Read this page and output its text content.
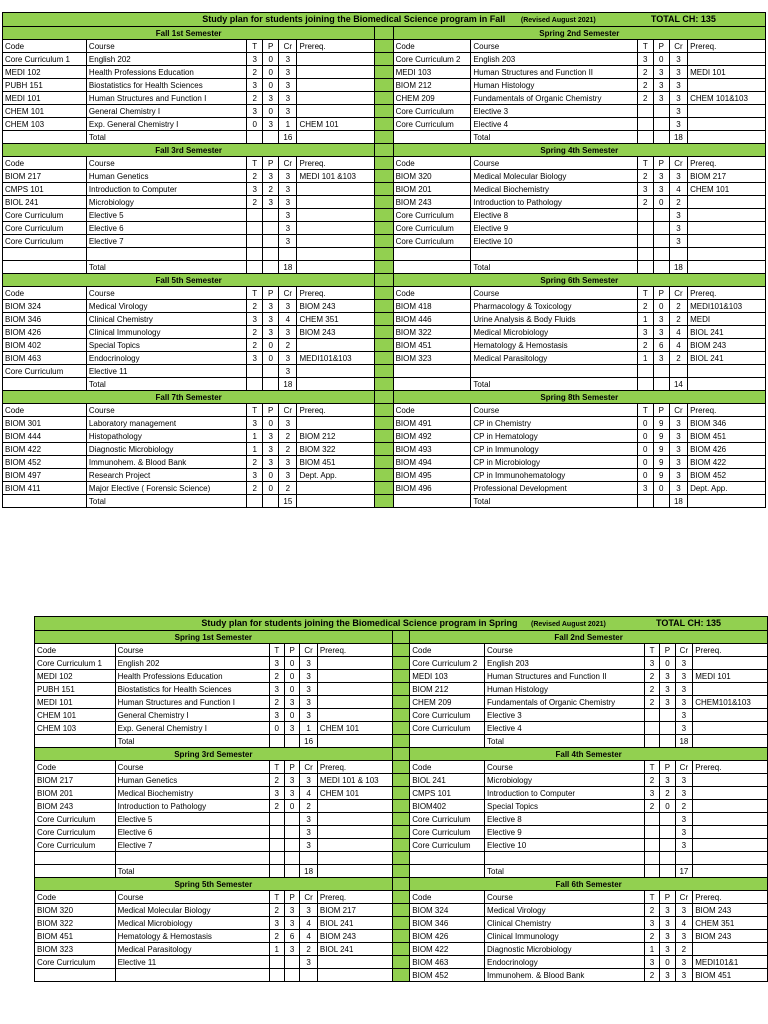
Study plan for students joining the Biomedical Science program in Fall (Revised August 2021) TOTAL CH: 135												
Fall 1st Semester							Spring 2nd Semester					
Code	Course	T	P	Cr	Prereq.		Code	Course	T	P	Cr	Prereq.
Core Curriculum 1	English 202	3	0	3			Core Curriculum 2	English 203	3	0	3	
MEDI 102	Health Professions Education	2	0	3			MEDI 103	Human Structures and Function II	2	3	3	MEDI 101
PUBH 151	Biostatistics for Health Sciences	3	0	3			BIOM 212	Human Histology	2	3	3	
MEDI 101	Human Structures and Function I	2	3	3			CHEM 209	Fundamentals of Organic Chemistry	2	3	3	CHEM 101&103
CHEM 101	General Chemistry I	3	0	3			Core Curriculum	Elective 3			3	
CHEM 103	Exp. General Chemistry I	0	3	1	CHEM 101		Core Curriculum	Elective 4			3	
	Total			16				Total			18	
Fall 3rd Semester							Spring 4th Semester					
Code	Course	T	P	Cr	Prereq.		Code	Course	T	P	Cr	Prereq.
BIOM 217	Human Genetics	2	3	3	MEDI 101 &103		BIOM 320	Medical Molecular Biology	2	3	3	BIOM 217
CMPS 101	Introduction to Computer	3	2	3			BIOM 201	Medical Biochemistry	3	3	4	CHEM 101
BIOL 241	Microbiology	2	3	3			BIOM 243	Introduction to Pathology	2	0	2	
Core Curriculum	Elective 5			3			Core Curriculum	Elective 8			3	
Core Curriculum	Elective 6			3			Core Curriculum	Elective 9			3	
Core Curriculum	Elective 7			3			Core Curriculum	Elective 10			3	

	Total			18				Total			18	
Fall 5th Semester							Spring 6th Semester					
Code	Course	T	P	Cr	Prereq.		Code	Course	T	P	Cr	Prereq.
BIOM 324	Medical Virology	2	3	3	BIOM 243		BIOM 418	Pharmacology & Toxicology	2	0	2	MEDI101&103
BIOM 346	Clinical Chemistry	3	3	4	CHEM 351		BIOM 446	Urine Analysis & Body Fluids	1	3	2	MEDI
BIOM 426	Clinical Immunology	2	3	3	BIOM 243		BIOM 322	Medical Microbiology	3	3	4	BIOL 241
BIOM 402	Special Topics	2	0	2			BIOM 451	Hematology & Hemostasis	2	6	4	BIOM 243
BIOM 463	Endocrinology	3	0	3	MEDI101&103		BIOM 323	Medical Parasitology	1	3	2	BIOL 241
Core Curriculum	Elective 11			3								
	Total			18				Total			14	
Fall 7th Semester							Spring 8th Semester					
Code	Course	T	P	Cr	Prereq.		Code	Course	T	P	Cr	Prereq.
BIOM 301	Laboratory management	3	0	3			BIOM 491	CP in Chemistry	0	9	3	BIOM 346
BIOM 444	Histopathology	1	3	2	BIOM 212		BIOM 492	CP in Hematology	0	9	3	BIOM 451
BIOM 422	Diagnostic Microbiology	1	3	2	BIOM 322		BIOM 493	CP in Immunology	0	9	3	BIOM 426
BIOM 452	Immunohem. & Blood Bank	2	3	3	BIOM 451		BIOM 494	CP in Microbiology	0	9	3	BIOM 422
BIOM 497	Research Project	3	0	3	Dept. App.		BIOM 495	CP in Immunohematology	0	9	3	BIOM 452
BIOM 411	Major Elective ( Forensic Science)	2	0	2			BIOM 496	Professional Development	3	0	3	Dept. App.
	Total			15				Total			18	
Study plan for students joining the Biomedical Science program in Spring (Revised August 2021) TOTAL CH: 135												
Spring 1st Semester							Fall 2nd Semester					
Code	Course	T	P	Cr	Prereq.		Code	Course	T	P	Cr	Prereq.
Core Curriculum 1	English 202	3	0	3			Core Curriculum 2	English 203	3	0	3	
MEDI 102	Health Professions Education	2	0	3			MEDI 103	Human Structures and Function II	2	3	3	MEDI 101
PUBH 151	Biostatistics for Health Sciences	3	0	3			BIOM 212	Human Histology	2	3	3	
MEDI 101	Human Structures and Function I	2	3	3			CHEM 209	Fundamentals of Organic Chemistry	2	3	3	CHEM101&103
CHEM 101	General Chemistry I	3	0	3			Core Curriculum	Elective 3			3	
CHEM 103	Exp. General Chemistry I	0	3	1	CHEM 101		Core Curriculum	Elective 4			3	
	Total			16				Total			18	
Spring 3rd Semester							Fall 4th Semester					
Code	Course	T	P	Cr	Prereq.		Code	Course	T	P	Cr	Prereq.
BIOM 217	Human Genetics	2	3	3	MEDI 101 & 103		BIOL 241	Microbiology	2	3	3	
BIOM 201	Medical Biochemistry	3	3	4	CHEM 101		CMPS 101	Introduction to Computer	3	2	3	
BIOM 243	Introduction to Pathology	2	0	2			BIOM402	Special Topics	2	0	2	
Core Curriculum	Elective 5			3			Core Curriculum	Elective 8			3	
Core Curriculum	Elective 6			3			Core Curriculum	Elective 9			3	
Core Curriculum	Elective 7			3			Core Curriculum	Elective 10			3	

	Total			18				Total			17	
Spring 5th Semester							Fall 6th Semester					
Code	Course	T	P	Cr	Prereq.		Code	Course	T	P	Cr	Prereq.
BIOM 320	Medical Molecular Biology	2	3	3	BIOM 217		BIOM 324	Medical Virology	2	3	3	BIOM 243
BIOM 322	Medical Microbiology	3	3	4	BIOL 241		BIOM 346	Clinical Chemistry	3	3	4	CHEM 351
BIOM 451	Hematology & Hemostasis	2	6	4	BIOM 243		BIOM 426	Clinical Immunology	2	3	3	BIOM 243
BIOM 323	Medical Parasitology	1	3	2	BIOL 241		BIOM 422	Diagnostic Microbiology	1	3	2	
Core Curriculum	Elective 11			3			BIOM 463	Endocrinology	3	0	3	MEDI101&1
							BIOM 452	Immunohem. & Blood Bank	2	3	3	BIOM 451
